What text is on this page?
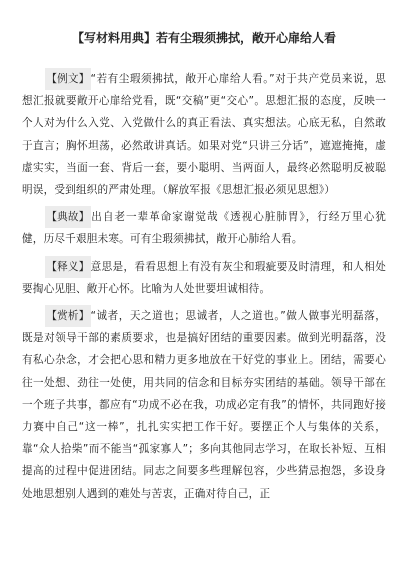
【写材料用典】若有尘瑕须拂拭，敞开心扉给人看

【例文】“若有尘瑕须拂拭，敞开心扉给人看。”对于共产党员来说，思想汇报就要敞开心扉给党看，既“交稿”更“交心”。思想汇报的态度，反映一个人对为什么入党、入党做什么的真正看法、真实想法。心底无私，自然敢于直言；胸怀坦荡，必然敢讲真话。如果对党“只讲三分话”，遮遮掩掩，虚虚实实，当面一套、背后一套，要小聪明、当两面人，最终必然聪明反被聪明误，受到组织的严肃处理。（解放军报《思想汇报必须见思想》）

【典故】出自老一辈革命家谢觉哉《透视心脏肺胃》，行经万里心犹健，历尽千艰胆未寒。可有尘瑕须拂拭，敞开心肺给人看。

【释义】意思是，看看思想上有没有灰尘和瑕疵要及时清理，和人相处要掏心见胆、敞开心怀。比喻为人处世要坦诚相待。

【赏析】“诚者，天之道也；思诚者，人之道也。”做人做事光明磊落，既是对领导干部的素质要求，也是搞好团结的重要因素。做到光明磊落，没有私心杂念，才会把心思和精力更多地放在干好党的事业上。团结，需要心往一处想、劲往一处使，用共同的信念和目标夯实团结的基础。领导干部在一个班子共事，都应有“功成不必在我，功成必定有我”的情怀，共同跑好接力赛中自己“这一棒”，扎扎实实把工作干好。要摆正个人与集体的关系，靠“众人拾柴”而不能当“孤家寡人”；多向其他同志学习，在取长补短、互相提高的过程中促进团结。同志之间要多些理解包容，少些猜忌抱怨，多设身处地思想别人遇到的难处与苦衷，正确对待自己，正
